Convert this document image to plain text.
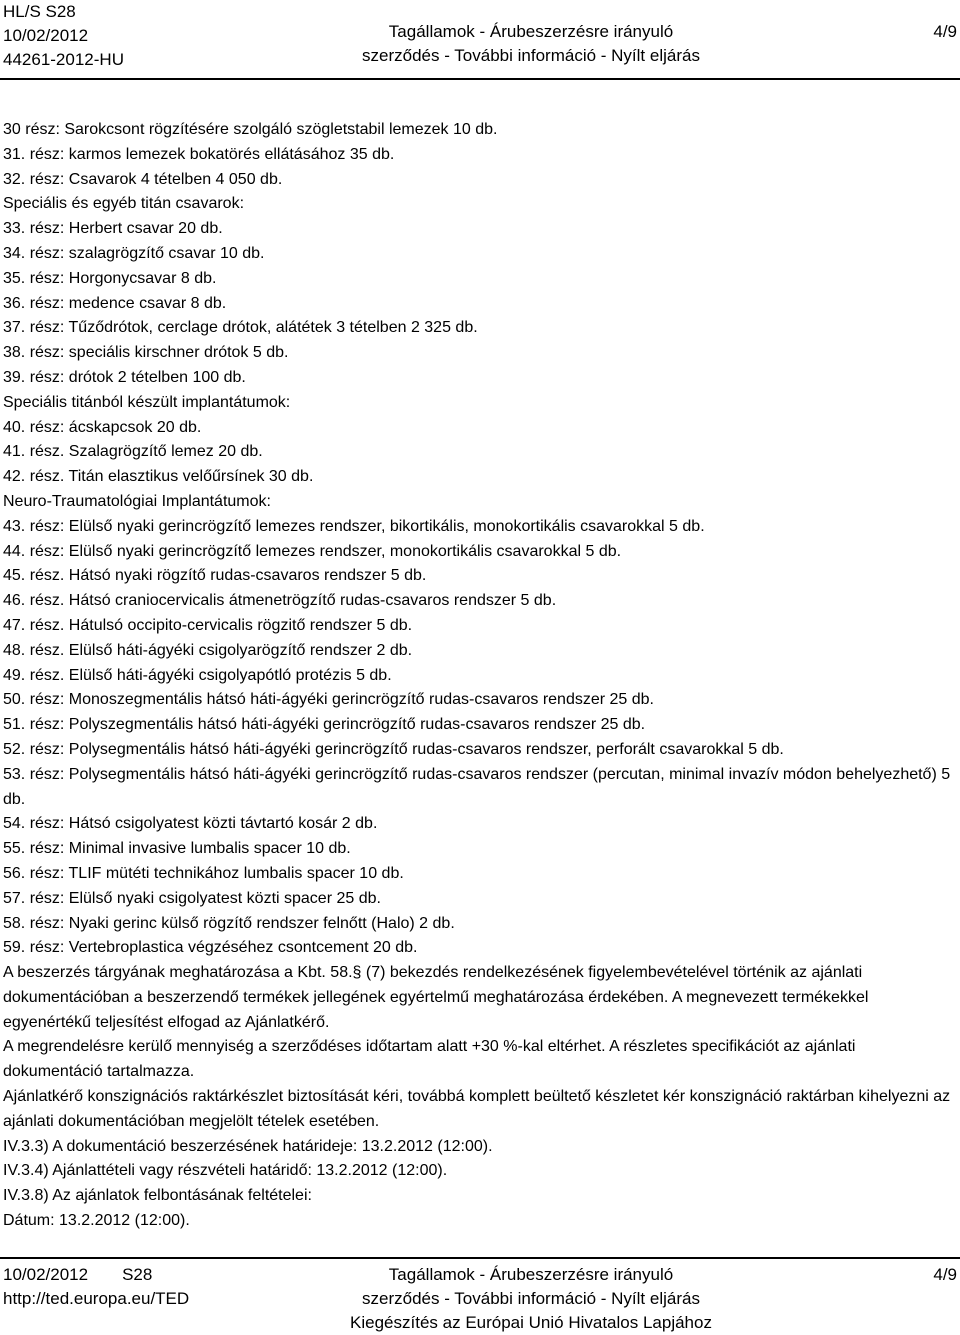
HL/S S28
10/02/2012
44261-2012-HU
Tagállamok - Árubeszerzésre irányuló
szerződés - További információ - Nyílt eljárás
4/9

30 rész: Sarokcsont rögzítésére szolgáló szögletstabil lemezek 10 db.

31. rész: karmos lemezek bokatörés ellátásához 35 db.

32. rész: Csavarok 4 tételben 4 050 db.

Speciális és egyéb titán csavarok:

33. rész: Herbert csavar 20 db.

34. rész: szalagrögzítő csavar 10 db.

35. rész: Horgonycsavar 8 db.

36. rész: medence csavar 8 db.

37. rész: Tűződrótok, cerclage drótok, alátétek 3 tételben 2 325 db.

38. rész: speciális kirschner drótok 5 db.

39. rész: drótok 2 tételben 100 db.

Speciális titánból készült implantátumok:

40. rész: ácskapcsok 20 db.

41. rész. Szalagrögzítő lemez 20 db.

42. rész. Titán elasztikus velőűrsínek 30 db.

Neuro-Traumatológiai Implantátumok:

43. rész: Elülső nyaki gerincrögzítő lemezes rendszer, bikortikális, monokortikális csavarokkal 5 db.

44. rész: Elülső nyaki gerincrögzítő lemezes rendszer, monokortikális csavarokkal 5 db.

45. rész. Hátsó nyaki rögzítő rudas-csavaros rendszer 5 db.

46. rész. Hátsó craniocervicalis átmenetrögzítő rudas-csavaros rendszer 5 db.

47. rész. Hátulsó occipito-cervicalis rögzitő rendszer 5 db.

48. rész. Elülső háti-ágyéki csigolyarögzítő rendszer 2 db.

49. rész. Elülső háti-ágyéki csigolyapótló protézis 5 db.

50. rész: Monoszegmentális hátsó háti-ágyéki gerincrögzítő rudas-csavaros rendszer 25 db.

51. rész: Polyszegmentális hátsó háti-ágyéki gerincrögzítő rudas-csavaros rendszer 25 db.

52. rész: Polysegmentális hátsó háti-ágyéki gerincrögzítő rudas-csavaros rendszer, perforált csavarokkal 5 db.

53. rész: Polysegmentális hátsó háti-ágyéki gerincrögzítő rudas-csavaros rendszer (percutan, minimal invazív módon behelyezhető) 5 db.

54. rész: Hátsó csigolyatest közti távtartó kosár 2 db.

55. rész: Minimal invasive lumbalis spacer 10 db.

56. rész: TLIF mütéti technikához lumbalis spacer 10 db.

57. rész: Elülső nyaki csigolyatest közti spacer 25 db.

58. rész: Nyaki gerinc külső rögzítő rendszer felnőtt (Halo) 2 db.

59. rész: Vertebroplastica végzéséhez csontcement 20 db.

A beszerzés tárgyának meghatározása a Kbt. 58.§ (7) bekezdés rendelkezésének figyelembevételével történik az ajánlati dokumentációban a beszerzendő termékek jellegének egyértelmű meghatározása érdekében. A megnevezett termékekkel egyenértékű teljesítést elfogad az Ajánlatkérő.

A megrendelésre kerülő mennyiség a szerződéses időtartam alatt +30 %-kal eltérhet. A részletes specifikációt az ajánlati dokumentáció tartalmazza.

Ajánlatkérő konszignációs raktárkészlet biztosítását kéri, továbbá komplett beültető készletet kér konszignáció raktárban kihelyezni az ajánlati dokumentációban megjelölt tételek esetében.

IV.3.3) A dokumentáció beszerzésének határideje: 13.2.2012 (12:00).

IV.3.4) Ajánlattételi vagy részvételi határidő: 13.2.2012 (12:00).

IV.3.8) Az ajánlatok felbontásának feltételei:

Dátum: 13.2.2012 (12:00).

10/02/2012 S28
http://ted.europa.eu/TED
Tagállamok - Árubeszerzésre irányuló
szerződés - További információ - Nyílt eljárás
Kiegészítés az Európai Unió Hivatalos Lapjához
4/9
